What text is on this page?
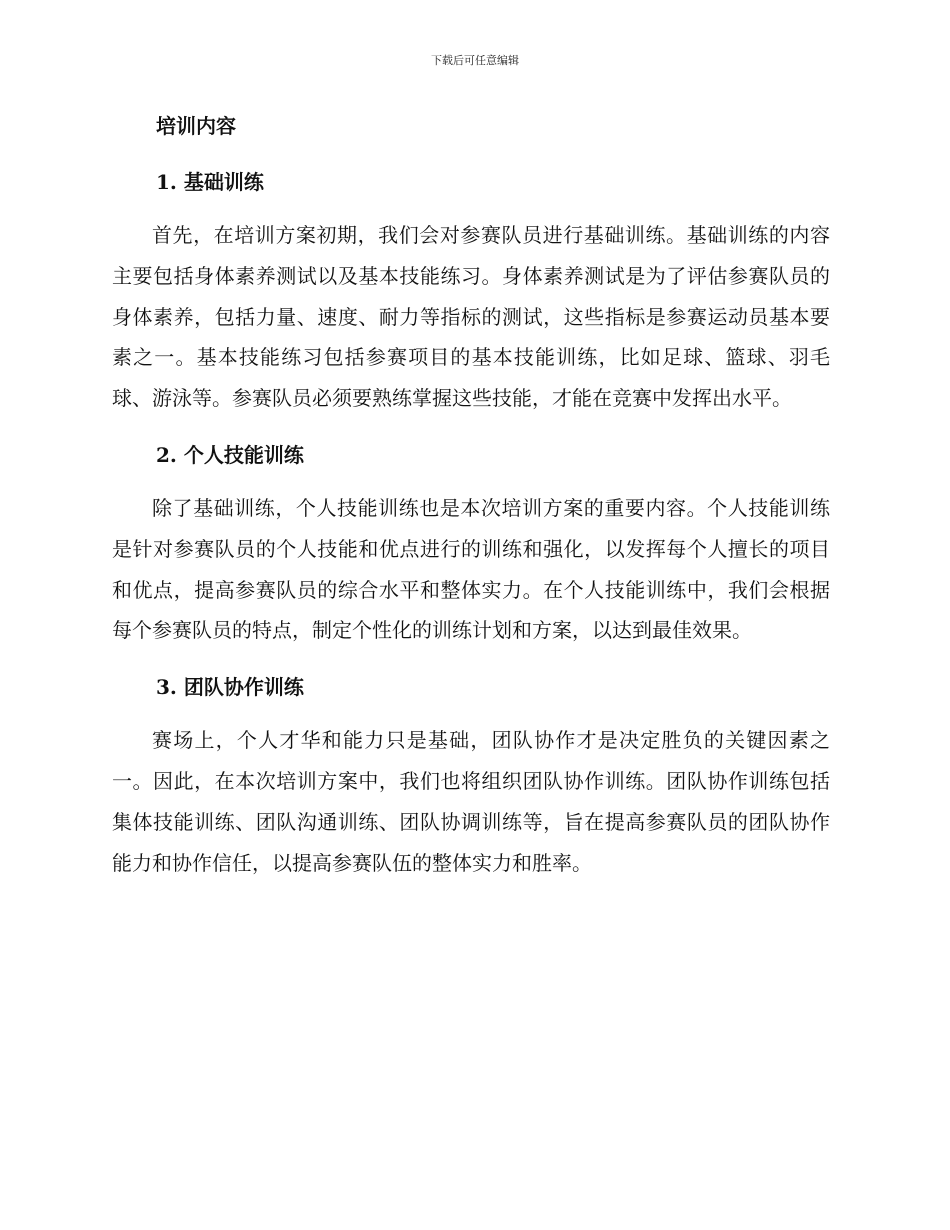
下载后可任意编辑
培训内容
1. 基础训练

首先，在培训方案初期，我们会对参赛队员进行基础训练。基础训练的内容主要包括身体素养测试以及基本技能练习。身体素养测试是为了评估参赛队员的身体素养，包括力量、速度、耐力等指标的测试，这些指标是参赛运动员基本要素之一。基本技能练习包括参赛项目的基本技能训练，比如足球、篮球、羽毛球、游泳等。参赛队员必须要熟练掌握这些技能，才能在竞赛中发挥出水平。

2. 个人技能训练

除了基础训练，个人技能训练也是本次培训方案的重要内容。个人技能训练是针对参赛队员的个人技能和优点进行的训练和强化，以发挥每个人擅长的项目和优点，提高参赛队员的综合水平和整体实力。在个人技能训练中，我们会根据每个参赛队员的特点，制定个性化的训练计划和方案，以达到最佳效果。

3. 团队协作训练

赛场上，个人才华和能力只是基础，团队协作才是决定胜负的关键因素之一。因此，在本次培训方案中，我们也将组织团队协作训练。团队协作训练包括集体技能训练、团队沟通训练、团队协调训练等，旨在提高参赛队员的团队协作能力和协作信任，以提高参赛队伍的整体实力和胜率。
